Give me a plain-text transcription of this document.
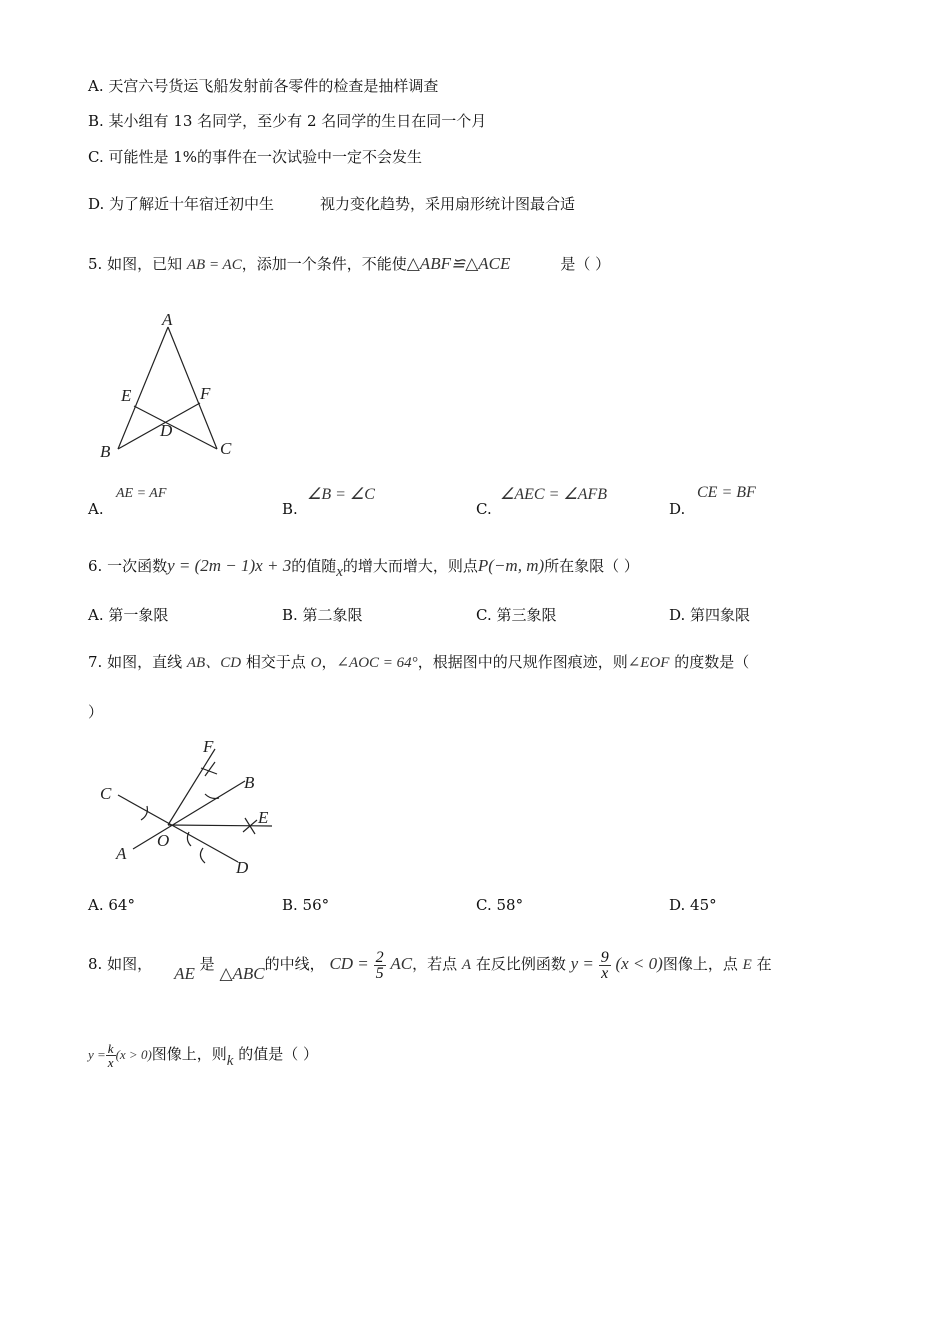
A. 天宫六号货运飞船发射前各零件的检查是抽样调查
B. 某小组有 13 名同学，至少有 2 名同学的生日在同一个月
C. 可能性是 1%的事件在一次试验中一定不会发生
D. 为了解近十年宿迁初中生	视力变化趋势，采用扇形统计图最合适
5. 如图，已知 AB = AC，添加一个条件，不能使△ABF≌△ACE	是（ ）
A
B	C
D
E	F
A.
AE = AF
B.
∠B = ∠C
C.
∠AEC = ∠AFB
D.
CE = BF
6. 一次函数y = (2m − 1)x + 3的值随x的增大而增大，则点P(−m, m)所在象限（ ）
A. 第一象限	B. 第二象限	C. 第三象限	D. 第四象限
7. 如图，直线 AB、CD 相交于点 O，∠AOC = 64°，根据图中的尺规作图痕迹，则∠EOF 的度数是（
）
F
B
C
E
O
A
D
A. 64°	B. 56°	C. 58°	D. 45°
8. 如图， AE 是 △ABC的中线， CD = $\frac{2}{5}$ AC，若点 A 在反比例函数 $y = \frac{9}{x} (x < 0)$图像上，点 E 在
$y = \frac{k}{x} (x > 0)$图像上，则k 的值是（ ）
